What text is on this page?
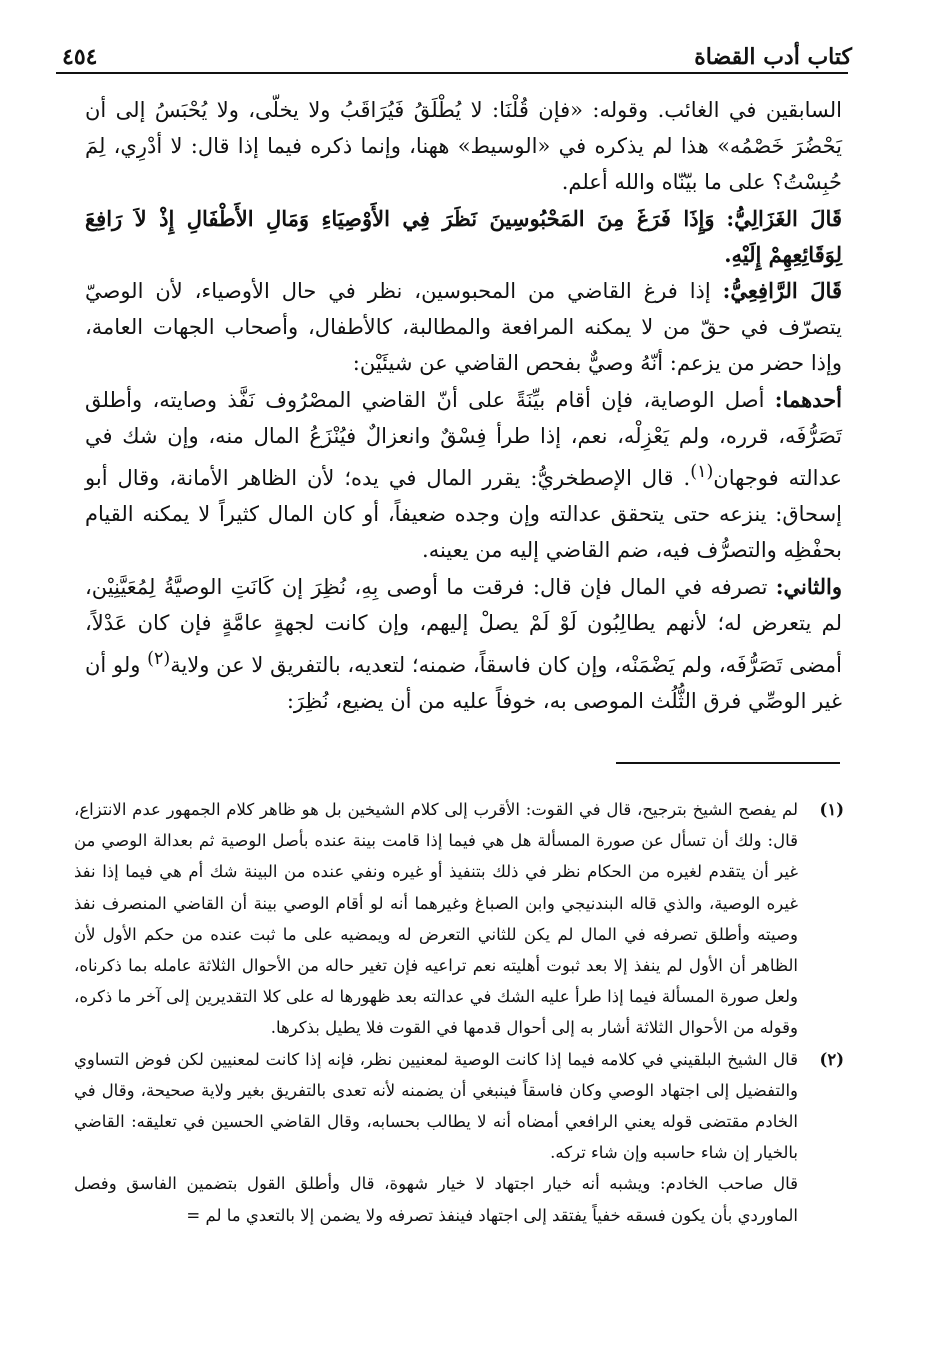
كتاب أدب القضاة
٤٥٤

السابقين في الغائب. وقوله: «فإن قُلْنَا: لا يُطْلَقُ فَيُرَاقَبُ ولا يخلّى، ولا يُحْبَسُ إلى أن يَحْضُرَ خَصْمُه» هذا لم يذكره في «الوسيط» ههنا، وإنما ذكره فيما إذا قال: لا أدْرِي، لِمَ حُبِسْتُ؟ على ما بيّنّاه والله أعلم.

قَالَ الغَزَالِيُّ: وَإِذَا فَرَغَ مِنَ المَحْبُوسِينَ نَظَرَ فِي الأَوْصِيَاءِ وَمَالِ الأَطْفَالِ إِذْ لاَ رَافِعَ لِوَقَائِعِهِمْ إِلَيْهِ.

قَالَ الرَّافِعِيُّ: إذا فرغ القاضي من المحبوسين، نظر في حال الأوصياء، لأن الوصيّ يتصرّف في حقّ من لا يمكنه المرافعة والمطالبة، كالأطفال، وأصحاب الجهات العامة، وإذا حضر من يزعم: أنّهُ وصيٌّ بفحص القاضي عن شيئَيْن:

أحدهما: أصل الوصاية، فإن أقام بيِّنَةً على أنّ القاضي المصْرُوف نَفَّذ وصايته، وأطلق تَصَرُّفَه، قرره، ولم يَعْزِلْه، نعم، إذا طرأ فِسْقٌ وانعزالٌ فيُنْزَعُ المال منه، وإن شك في عدالته فوجهان$^{(١)}$. قال الإصطخريُّ: يقرر المال في يده؛ لأن الظاهر الأمانة، وقال أبو إسحاق: ينزعه حتى يتحقق عدالته وإن وجده ضعيفاً، أو كان المال كثيراً لا يمكنه القيام بحفْظِه والتصرُّف فيه، ضم القاضي إليه من يعينه.

والثاني: تصرفه في المال فإن قال: فرقت ما أوصى بِهِ، نُظِرَ إن كَانَتِ الوصيَّةُ لِمُعَيَّنِيْن، لم يتعرض له؛ لأنهم يطالِبُون لَوْ لَمْ يصلْ إليهم، وإن كانت لجهةٍ عامَّةٍ فإن كان عَدْلاً، أمضى تَصَرُّفَه، ولم يَضْمَنْه، وإن كان فاسقاً، ضمنه؛ لتعديه، بالتفريق لا عن ولاية$^{(٢)}$ ولو أن غير الوصِّي فرق الثُّلُث الموصى به، خوفاً عليه من أن يضيع، نُظِرَ:

(١)

لم يفصح الشيخ بترجيح، قال في القوت: الأقرب إلى كلام الشيخين بل هو ظاهر كلام الجمهور عدم الانتزاع، قال: ولك أن تسأل عن صورة المسألة هل هي فيما إذا قامت بينة عنده بأصل الوصية ثم بعدالة الوصي من غير أن يتقدم لغيره من الحكام نظر في ذلك بتنفيذ أو غيره ونفي عنده من البينة شك أم هي فيما إذا نفذ غيره الوصية، والذي قاله البندنيجي وابن الصباغ وغيرهما أنه لو أقام الوصي بينة أن القاضي المنصرف نفذ وصيته وأطلق تصرفه في المال لم يكن للثاني التعرض له ويمضيه على ما ثبت عنده من حكم الأول لأن الظاهر أن الأول لم ينفذ إلا بعد ثبوت أهليته نعم تراعيه فإن تغير حاله من الأحوال الثلاثة عامله بما ذكرناه، ولعل صورة المسألة فيما إذا طرأ عليه الشك في عدالته بعد ظهورها له على كلا التقديرين إلى آخر ما ذكره، وقوله من الأحوال الثلاثة أشار به إلى أحوال قدمها في القوت فلا يطيل بذكرها.

(٢)

قال الشيخ البلقيني في كلامه فيما إذا كانت الوصية لمعنيين نظر، فإنه إذا كانت لمعنيين لكن فوض التساوي والتفضيل إلى اجتهاد الوصي وكان فاسقاً فينبغي أن يضمنه لأنه تعدى بالتفريق بغير ولاية صحيحة، وقال في الخادم مقتضى قوله يعني الرافعي أمضاه أنه لا يطالب بحسابه، وقال القاضي الحسين في تعليقه: القاضي بالخيار إن شاء حاسبه وإن شاء تركه.

قال صاحب الخادم: ويشبه أنه خيار اجتهاد لا خيار شهوة، قال وأطلق القول بتضمين الفاسق وفصل الماوردي بأن يكون فسقه خفياً يفتقد إلى اجتهاد فينفذ تصرفه ولا يضمن إلا بالتعدي ما لم =
